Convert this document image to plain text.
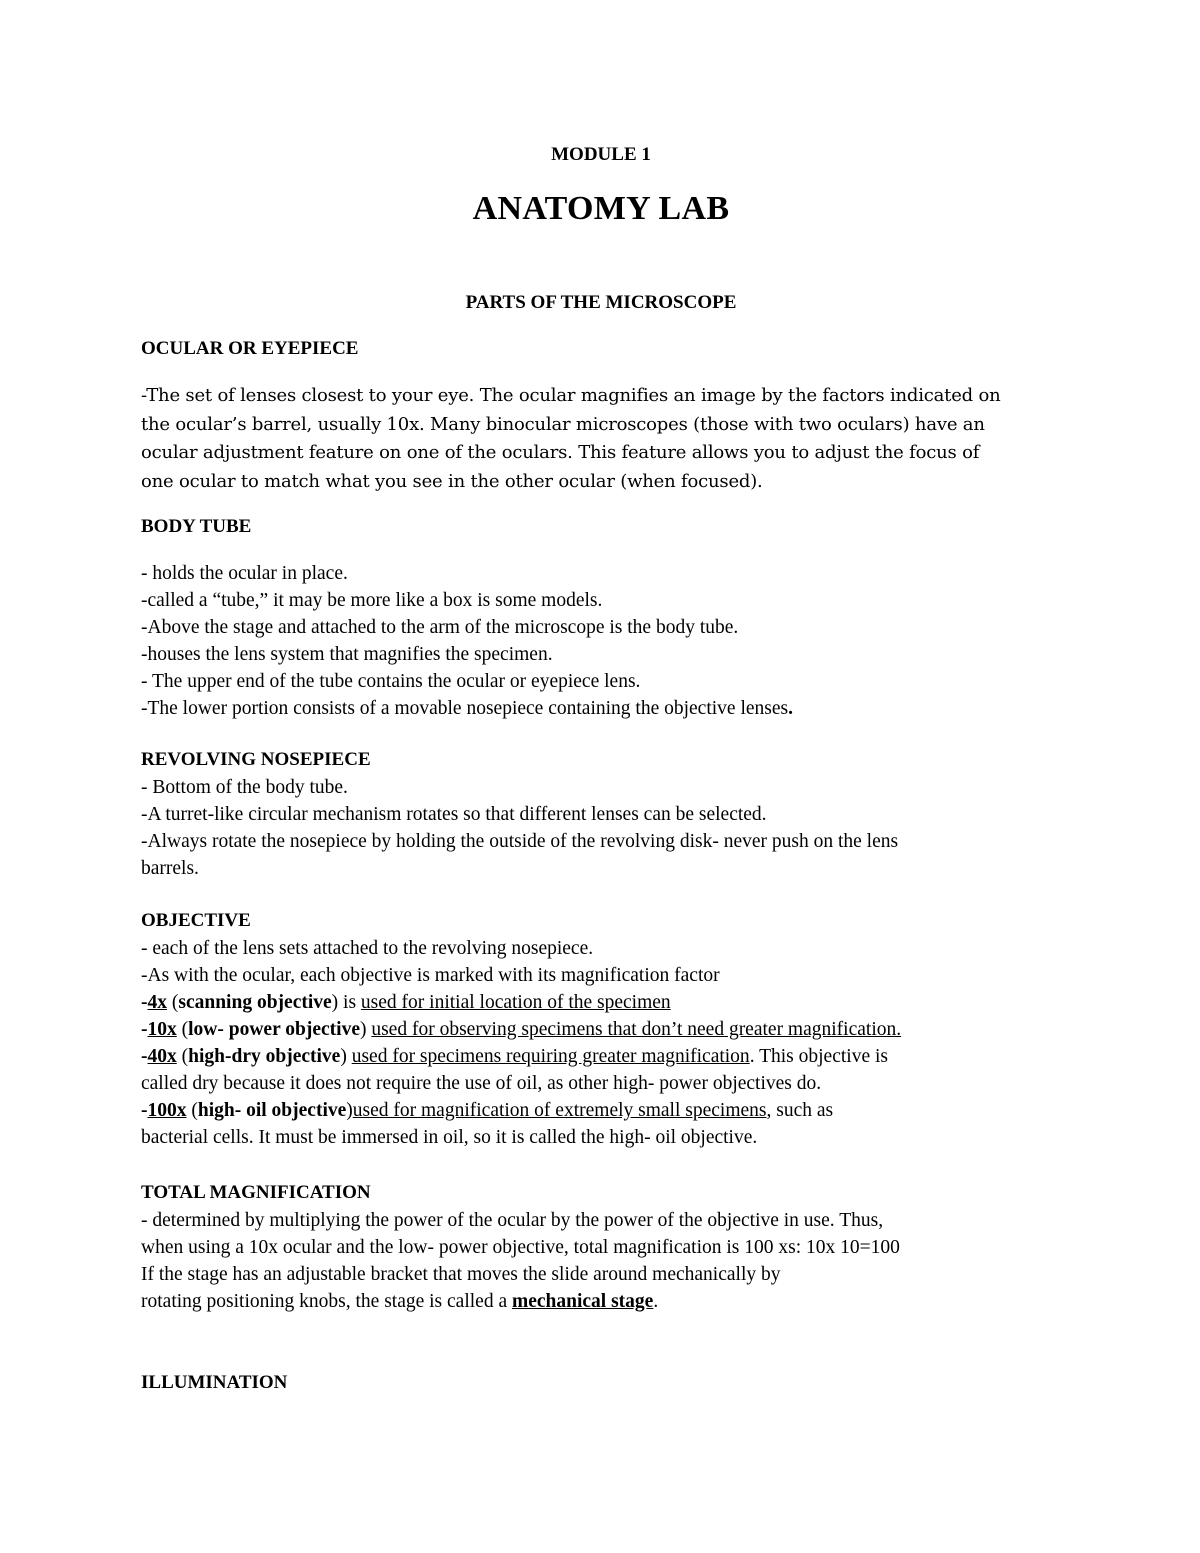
MODULE 1
ANATOMY LAB
PARTS OF THE MICROSCOPE
OCULAR OR EYEPIECE
-The set of lenses closest to your eye. The ocular magnifies an image by the factors indicated on
the ocular’s barrel, usually 10x. Many binocular microscopes (those with two oculars) have an
ocular adjustment feature on one of the oculars. This feature allows you to adjust the focus of
one ocular to match what you see in the other ocular (when focused).
BODY TUBE
- holds the ocular in place.
-called a “tube,” it may be more like a box is some models.
-Above the stage and attached to the arm of the microscope is the body tube.
-houses the lens system that magnifies the specimen.
- The upper end of the tube contains the ocular or eyepiece lens.
-The lower portion consists of a movable nosepiece containing the objective lenses.
REVOLVING NOSEPIECE
- Bottom of the body tube.
-A turret-like circular mechanism rotates so that different lenses can be selected.
-Always rotate the nosepiece by holding the outside of the revolving disk- never push on the lens
barrels.
OBJECTIVE
- each of the lens sets attached to the revolving nosepiece.
-As with the ocular, each objective is marked with its magnification factor
-4x (scanning objective) is used for initial location of the specimen
-10x (low- power objective) used for observing specimens that don’t need greater magnification.
-40x (high-dry objective) used for specimens requiring greater magnification. This objective is
called dry because it does not require the use of oil, as other high- power objectives do.
-100x (high- oil objective)used for magnification of extremely small specimens, such as
bacterial cells. It must be immersed in oil, so it is called the high- oil objective.
TOTAL MAGNIFICATION
- determined by multiplying the power of the ocular by the power of the objective in use. Thus,
when using a 10x ocular and the low- power objective, total magnification is 100 xs: 10x 10=100
If the stage has an adjustable bracket that moves the slide around mechanically by
rotating positioning knobs, the stage is called a mechanical stage.
ILLUMINATION
